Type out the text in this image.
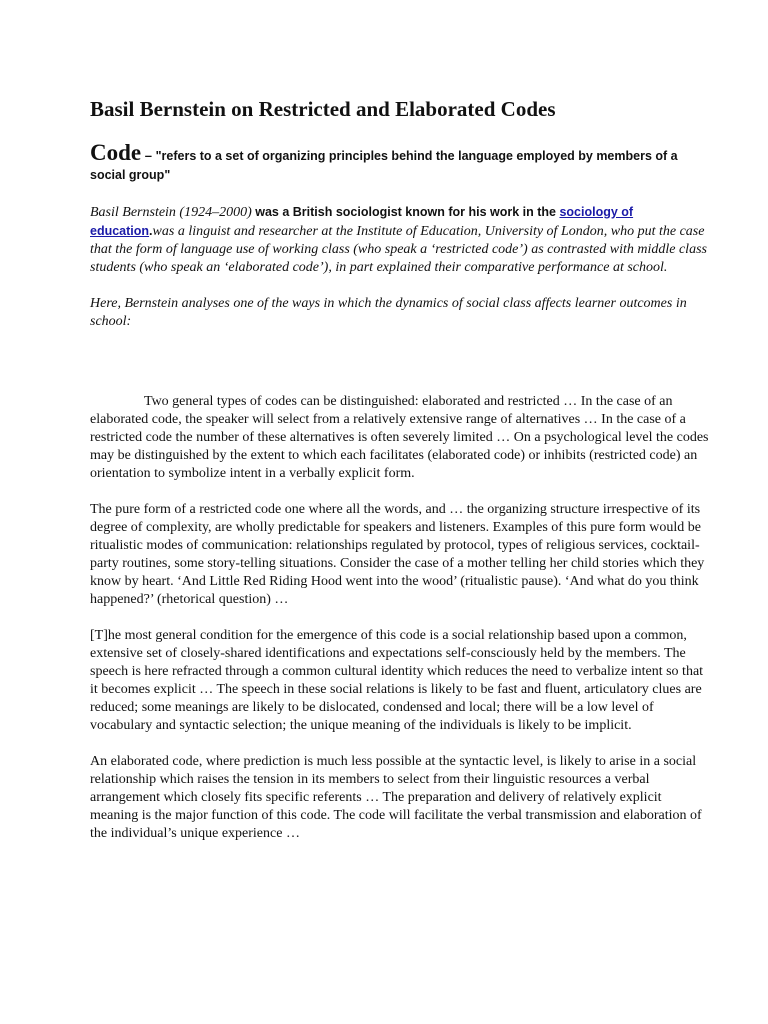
Basil Bernstein on Restricted and Elaborated Codes

Code – "refers to a set of organizing principles behind the language employed by members of a social group"

Basil Bernstein (1924–2000) was a British sociologist known for his work in the sociology of education.was a linguist and researcher at the Institute of Education, University of London, who put the case that the form of language use of working class (who speak a ‘restricted code’) as contrasted with middle class students (who speak an ‘elaborated code’), in part explained their comparative performance at school.

Here, Bernstein analyses one of the ways in which the dynamics of social class affects learner outcomes in school:

Two general types of codes can be distinguished: elaborated and restricted … In the case of an elaborated code, the speaker will select from a relatively extensive range of alternatives … In the case of a restricted code the number of these alternatives is often severely limited … On a psychological level the codes may be distinguished by the extent to which each facilitates (elaborated code) or inhibits (restricted code) an orientation to symbolize intent in a verbally explicit form.

The pure form of a restricted code one where all the words, and … the organizing structure irrespective of its degree of complexity, are wholly predictable for speakers and listeners. Examples of this pure form would be ritualistic modes of communication: relationships regulated by protocol, types of religious services, cocktail-party routines, some story-telling situations. Consider the case of a mother telling her child stories which they know by heart. ‘And Little Red Riding Hood went into the wood’ (ritualistic pause). ‘And what do you think happened?’ (rhetorical question) …

[T]he most general condition for the emergence of this code is a social relationship based upon a common, extensive set of closely-shared identifications and expectations self-consciously held by the members. The speech is here refracted through a common cultural identity which reduces the need to verbalize intent so that it becomes explicit … The speech in these social relations is likely to be fast and fluent, articulatory clues are reduced; some meanings are likely to be dislocated, condensed and local; there will be a low level of vocabulary and syntactic selection; the unique meaning of the individuals is likely to be implicit.

An elaborated code, where prediction is much less possible at the syntactic level, is likely to arise in a social relationship which raises the tension in its members to select from their linguistic resources a verbal arrangement which closely fits specific referents … The preparation and delivery of relatively explicit meaning is the major function of this code. The code will facilitate the verbal transmission and elaboration of the individual’s unique experience …
